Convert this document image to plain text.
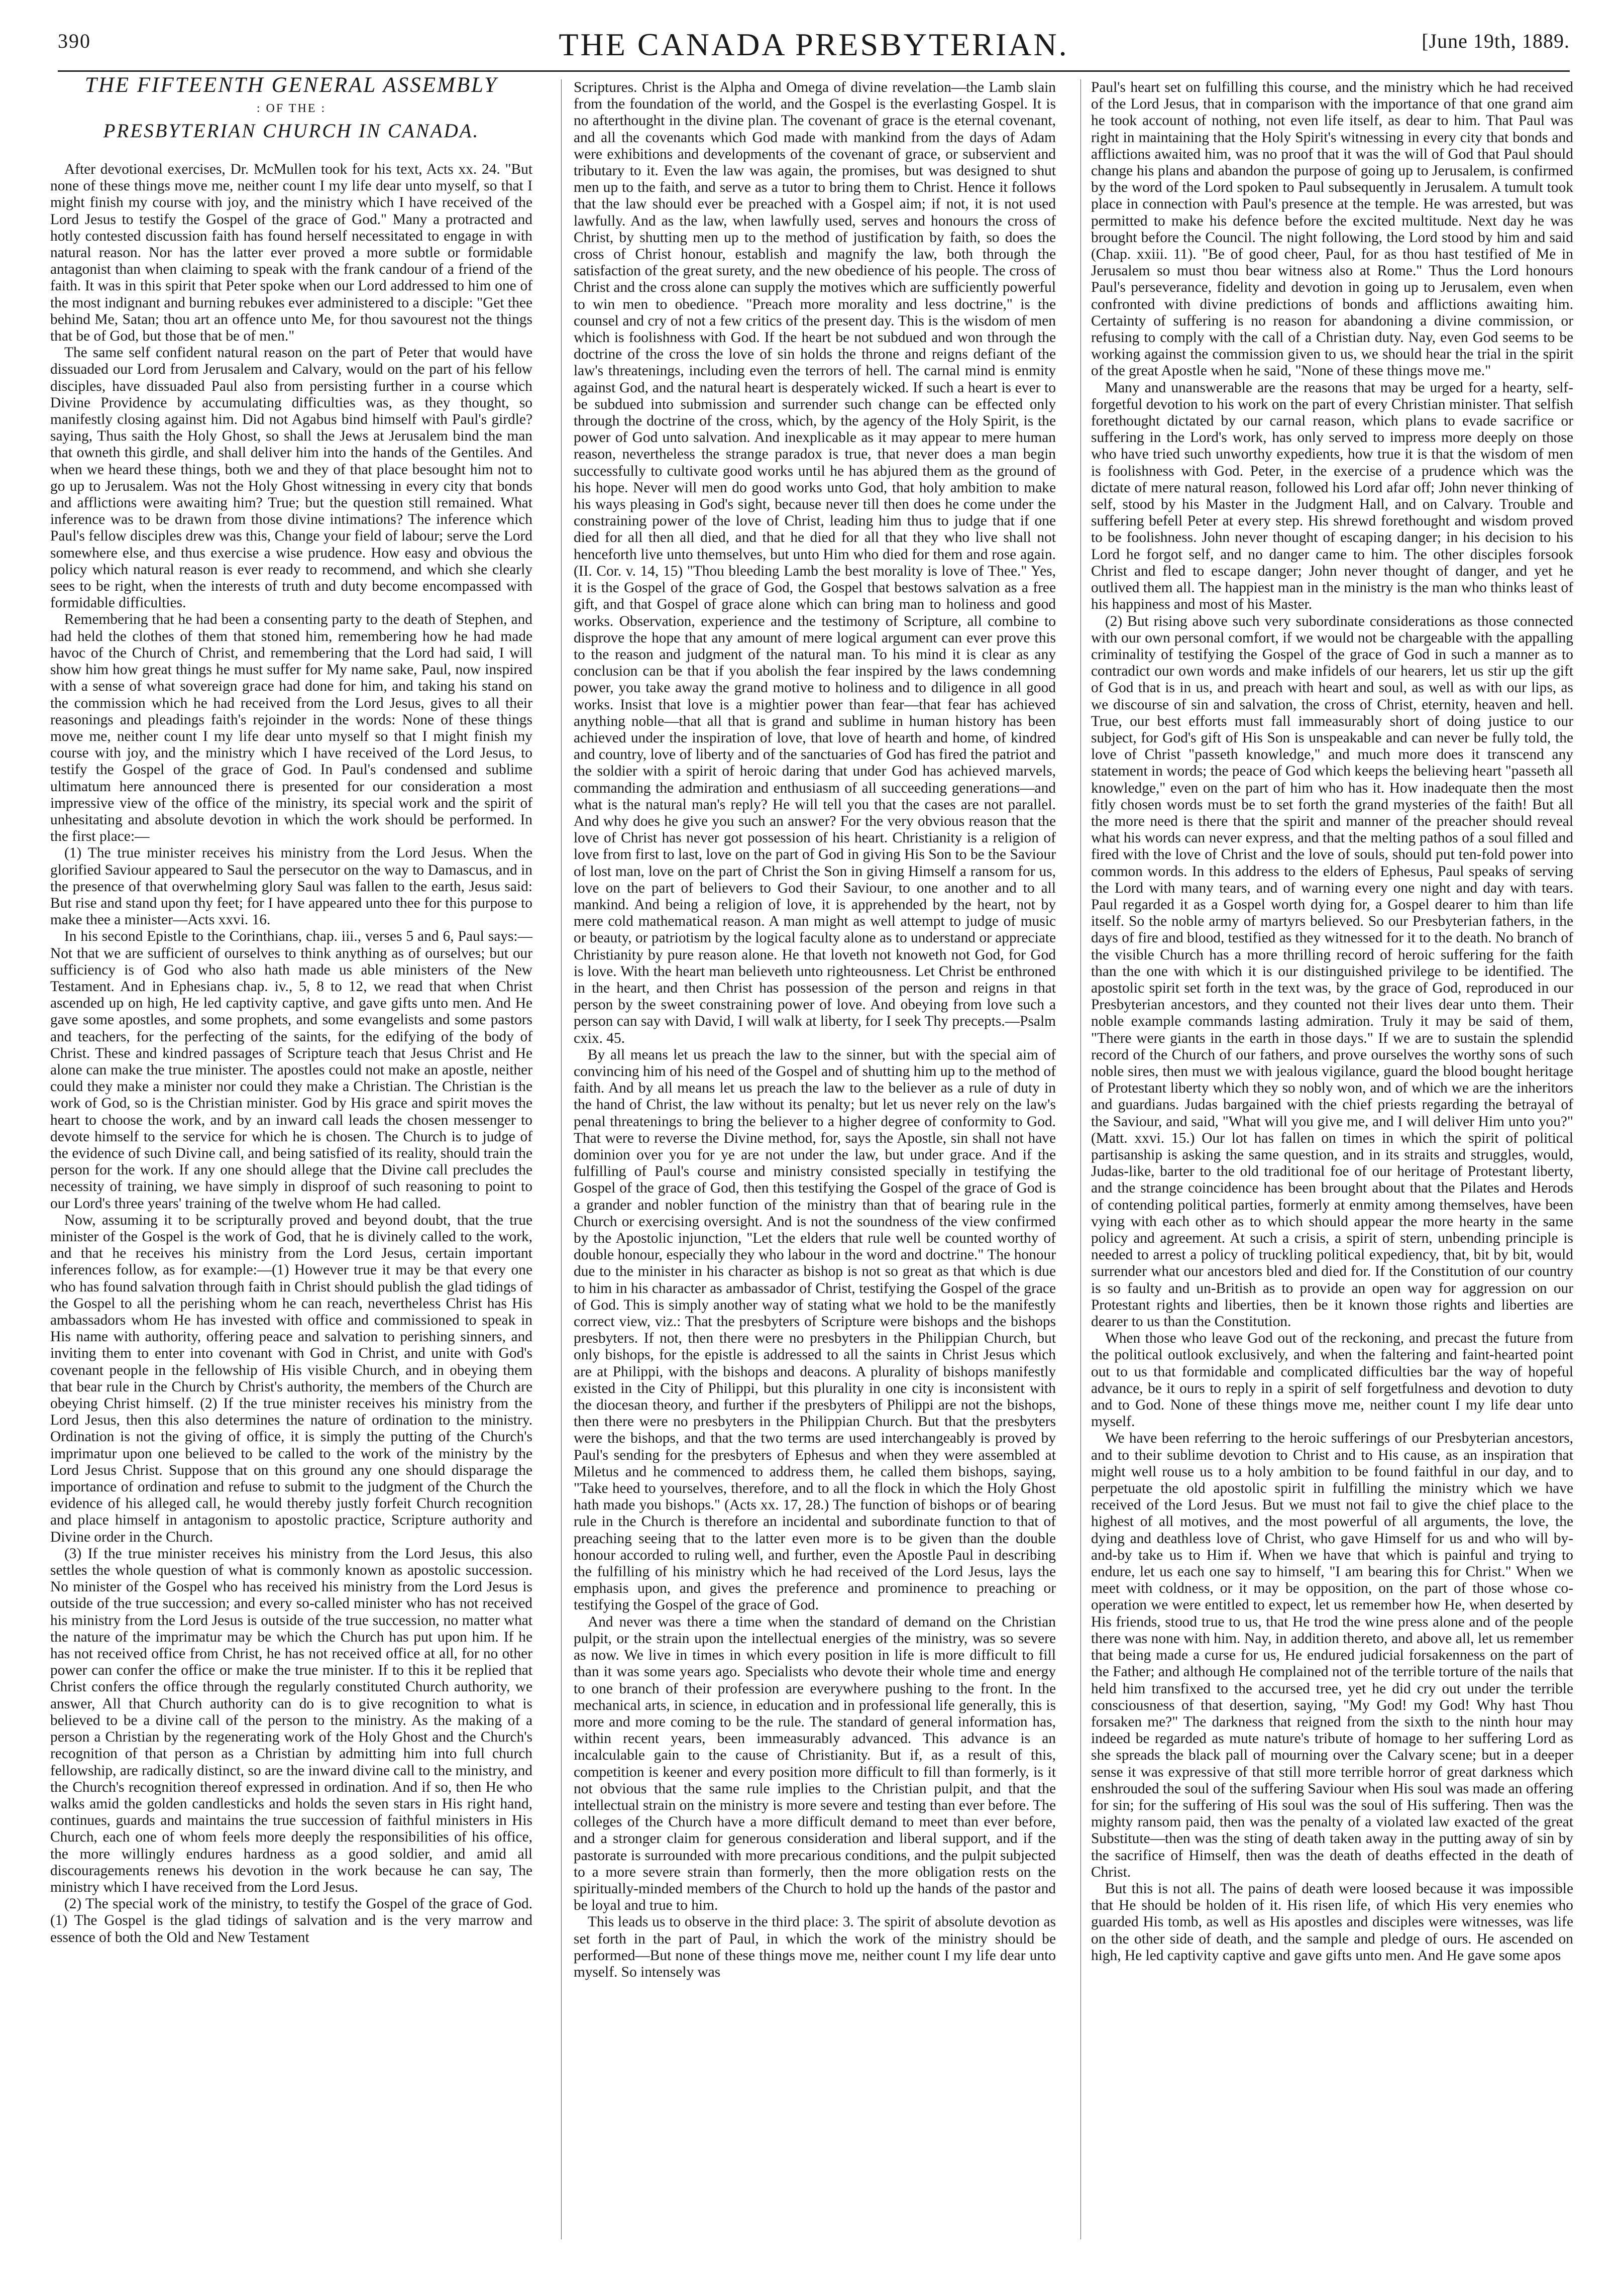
390	THE CANADA PRESBYTERIAN.	[June 19th, 1889.
THE FIFTEENTH GENERAL ASSEMBLY
: OF THE :
PRESBYTERIAN CHURCH IN CANADA.

After devotional exercises, Dr. McMullen took for his text, Acts xx. 24. "But none of these things move me, neither count I my life dear unto myself, so that I might finish my course with joy, and the ministry which I have received of the Lord Jesus to testify the Gospel of the grace of God." Many a protracted and hotly contested discussion faith has found herself necessitated to engage in with natural reason. Nor has the latter ever proved a more subtle or formidable antagonist than when claiming to speak with the frank candour of a friend of the faith. It was in this spirit that Peter spoke when our Lord addressed to him one of the most indignant and burning rebukes ever administered to a disciple: "Get thee behind Me, Satan; thou art an offence unto Me, for thou savourest not the things that be of God, but those that be of men."

The same self confident natural reason on the part of Peter that would have dissuaded our Lord from Jerusalem and Calvary, would on the part of his fellow disciples, have dissuaded Paul also from persisting further in a course which Divine Providence by accumulating difficulties was, as they thought, so manifestly closing against him. Did not Agabus bind himself with Paul's girdle? saying, Thus saith the Holy Ghost, so shall the Jews at Jerusalem bind the man that owneth this girdle, and shall deliver him into the hands of the Gentiles. And when we heard these things, both we and they of that place besought him not to go up to Jerusalem. Was not the Holy Ghost witnessing in every city that bonds and afflictions were awaiting him? True; but the question still remained. What inference was to be drawn from those divine intimations? The inference which Paul's fellow disciples drew was this, Change your field of labour; serve the Lord somewhere else, and thus exercise a wise prudence. How easy and obvious the policy which natural reason is ever ready to recommend, and which she clearly sees to be right, when the interests of truth and duty become encompassed with formidable difficulties.

Remembering that he had been a consenting party to the death of Stephen, and had held the clothes of them that stoned him, remembering how he had made havoc of the Church of Christ, and remembering that the Lord had said, I will show him how great things he must suffer for My name sake, Paul, now inspired with a sense of what sovereign grace had done for him, and taking his stand on the commission which he had received from the Lord Jesus, gives to all their reasonings and pleadings faith's rejoinder in the words: None of these things move me, neither count I my life dear unto myself so that I might finish my course with joy, and the ministry which I have received of the Lord Jesus, to testify the Gospel of the grace of God. In Paul's condensed and sublime ultimatum here announced there is presented for our consideration a most impressive view of the office of the ministry, its special work and the spirit of unhesitating and absolute devotion in which the work should be performed. In the first place:—

(1) The true minister receives his ministry from the Lord Jesus. When the glorified Saviour appeared to Saul the persecutor on the way to Damascus, and in the presence of that overwhelming glory Saul was fallen to the earth, Jesus said: But rise and stand upon thy feet; for I have appeared unto thee for this purpose to make thee a minister—Acts xxvi. 16.

In his second Epistle to the Corinthians, chap. iii., verses 5 and 6, Paul says:—Not that we are sufficient of ourselves to think anything as of ourselves; but our sufficiency is of God who also hath made us able ministers of the New Testament. And in Ephesians chap. iv., 5, 8 to 12, we read that when Christ ascended up on high, He led captivity captive, and gave gifts unto men. And He gave some apostles, and some prophets, and some evangelists and some pastors and teachers, for the perfecting of the saints, for the edifying of the body of Christ. These and kindred passages of Scripture teach that Jesus Christ and He alone can make the true minister. The apostles could not make an apostle, neither could they make a minister nor could they make a Christian. The Christian is the work of God, so is the Christian minister. God by His grace and spirit moves the heart to choose the work, and by an inward call leads the chosen messenger to devote himself to the service for which he is chosen. The Church is to judge of the evidence of such Divine call, and being satisfied of its reality, should train the person for the work. If any one should allege that the Divine call precludes the necessity of training, we have simply in disproof of such reasoning to point to our Lord's three years' training of the twelve whom He had called.

Now, assuming it to be scripturally proved and beyond doubt, that the true minister of the Gospel is the work of God, that he is divinely called to the work, and that he receives his ministry from the Lord Jesus, certain important inferences follow, as for example:—(1) However true it may be that every one who has found salvation through faith in Christ should publish the glad tidings of the Gospel to all the perishing whom he can reach, nevertheless Christ has His ambassadors whom He has invested with office and commissioned to speak in His name with authority, offering peace and salvation to perishing sinners, and inviting them to enter into covenant with God in Christ, and unite with God's covenant people in the fellowship of His visible Church, and in obeying them that bear rule in the Church by Christ's authority, the members of the Church are obeying Christ himself. (2) If the true minister receives his ministry from the Lord Jesus, then this also determines the nature of ordination to the ministry. Ordination is not the giving of office, it is simply the putting of the Church's imprimatur upon one believed to be called to the work of the ministry by the Lord Jesus Christ. Suppose that on this ground any one should disparage the importance of ordination and refuse to submit to the judgment of the Church the evidence of his alleged call, he would thereby justly forfeit Church recognition and place himself in antagonism to apostolic practice, Scripture authority and Divine order in the Church.

(3) If the true minister receives his ministry from the Lord Jesus, this also settles the whole question of what is commonly known as apostolic succession. No minister of the Gospel who has received his ministry from the Lord Jesus is outside of the true succession; and every so-called minister who has not received his ministry from the Lord Jesus is outside of the true succession, no matter what the nature of the imprimatur may be which the Church has put upon him. If he has not received office from Christ, he has not received office at all, for no other power can confer the office or make the true minister. If to this it be replied that Christ confers the office through the regularly constituted Church authority, we answer, All that Church authority can do is to give recognition to what is believed to be a divine call of the person to the ministry. As the making of a person a Christian by the regenerating work of the Holy Ghost and the Church's recognition of that person as a Christian by admitting him into full church fellowship, are radically distinct, so are the inward divine call to the ministry, and the Church's recognition thereof expressed in ordination. And if so, then He who walks amid the golden candlesticks and holds the seven stars in His right hand, continues, guards and maintains the true succession of faithful ministers in His Church, each one of whom feels more deeply the responsibilities of his office, the more willingly endures hardness as a good soldier, and amid all discouragements renews his devotion in the work because he can say, The ministry which I have received from the Lord Jesus.

(2) The special work of the ministry, to testify the Gospel of the grace of God. (1) The Gospel is the glad tidings of salvation and is the very marrow and essence of both the Old and New Testament

Scriptures. Christ is the Alpha and Omega of divine revelation—the Lamb slain from the foundation of the world, and the Gospel is the everlasting Gospel. It is no afterthought in the divine plan. The covenant of grace is the eternal covenant, and all the covenants which God made with mankind from the days of Adam were exhibitions and developments of the covenant of grace, or subservient and tributary to it. Even the law was again, the promises, but was designed to shut men up to the faith, and serve as a tutor to bring them to Christ. Hence it follows that the law should ever be preached with a Gospel aim; if not, it is not used lawfully. And as the law, when lawfully used, serves and honours the cross of Christ, by shutting men up to the method of justification by faith, so does the cross of Christ honour, establish and magnify the law, both through the satisfaction of the great surety, and the new obedience of his people. The cross of Christ and the cross alone can supply the motives which are sufficiently powerful to win men to obedience. "Preach more morality and less doctrine," is the counsel and cry of not a few critics of the present day. This is the wisdom of men which is foolishness with God. If the heart be not subdued and won through the doctrine of the cross the love of sin holds the throne and reigns defiant of the law's threatenings, including even the terrors of hell. The carnal mind is enmity against God, and the natural heart is desperately wicked. If such a heart is ever to be subdued into submission and surrender such change can be effected only through the doctrine of the cross, which, by the agency of the Holy Spirit, is the power of God unto salvation. And inexplicable as it may appear to mere human reason, nevertheless the strange paradox is true, that never does a man begin successfully to cultivate good works until he has abjured them as the ground of his hope. Never will men do good works unto God, that holy ambition to make his ways pleasing in God's sight, because never till then does he come under the constraining power of the love of Christ, leading him thus to judge that if one died for all then all died, and that he died for all that they who live shall not henceforth live unto themselves, but unto Him who died for them and rose again. (II. Cor. v. 14, 15) "Thou bleeding Lamb the best morality is love of Thee." Yes, it is the Gospel of the grace of God, the Gospel that bestows salvation as a free gift, and that Gospel of grace alone which can bring man to holiness and good works. Observation, experience and the testimony of Scripture, all combine to disprove the hope that any amount of mere logical argument can ever prove this to the reason and judgment of the natural man. To his mind it is clear as any conclusion can be that if you abolish the fear inspired by the laws condemning power, you take away the grand motive to holiness and to diligence in all good works. Insist that love is a mightier power than fear—that fear has achieved anything noble—that all that is grand and sublime in human history has been achieved under the inspiration of love, that love of hearth and home, of kindred and country, love of liberty and of the sanctuaries of God has fired the patriot and the soldier with a spirit of heroic daring that under God has achieved marvels, commanding the admiration and enthusiasm of all succeeding generations—and what is the natural man's reply? He will tell you that the cases are not parallel. And why does he give you such an answer? For the very obvious reason that the love of Christ has never got possession of his heart. Christianity is a religion of love from first to last, love on the part of God in giving His Son to be the Saviour of lost man, love on the part of Christ the Son in giving Himself a ransom for us, love on the part of believers to God their Saviour, to one another and to all mankind. And being a religion of love, it is apprehended by the heart, not by mere cold mathematical reason. A man might as well attempt to judge of music or beauty, or patriotism by the logical faculty alone as to understand or appreciate Christianity by pure reason alone. He that loveth not knoweth not God, for God is love. With the heart man believeth unto righteousness. Let Christ be enthroned in the heart, and then Christ has possession of the person and reigns in that person by the sweet constraining power of love. And obeying from love such a person can say with David, I will walk at liberty, for I seek Thy precepts.—Psalm cxix. 45.

By all means let us preach the law to the sinner, but with the special aim of convincing him of his need of the Gospel and of shutting him up to the method of faith. And by all means let us preach the law to the believer as a rule of duty in the hand of Christ, the law without its penalty; but let us never rely on the law's penal threatenings to bring the believer to a higher degree of conformity to God. That were to reverse the Divine method, for, says the Apostle, sin shall not have dominion over you for ye are not under the law, but under grace. And if the fulfilling of Paul's course and ministry consisted specially in testifying the Gospel of the grace of God, then this testifying the Gospel of the grace of God is a grander and nobler function of the ministry than that of bearing rule in the Church or exercising oversight. And is not the soundness of the view confirmed by the Apostolic injunction, "Let the elders that rule well be counted worthy of double honour, especially they who labour in the word and doctrine." The honour due to the minister in his character as bishop is not so great as that which is due to him in his character as ambassador of Christ, testifying the Gospel of the grace of God. This is simply another way of stating what we hold to be the manifestly correct view, viz.: That the presbyters of Scripture were bishops and the bishops presbyters. If not, then there were no presbyters in the Philippian Church, but only bishops, for the epistle is addressed to all the saints in Christ Jesus which are at Philippi, with the bishops and deacons. A plurality of bishops manifestly existed in the City of Philippi, but this plurality in one city is inconsistent with the diocesan theory, and further if the presbyters of Philippi are not the bishops, then there were no presbyters in the Philippian Church. But that the presbyters were the bishops, and that the two terms are used interchangeably is proved by Paul's sending for the presbyters of Ephesus and when they were assembled at Miletus and he commenced to address them, he called them bishops, saying, "Take heed to yourselves, therefore, and to all the flock in which the Holy Ghost hath made you bishops." (Acts xx. 17, 28.) The function of bishops or of bearing rule in the Church is therefore an incidental and subordinate function to that of preaching seeing that to the latter even more is to be given than the double honour accorded to ruling well, and further, even the Apostle Paul in describing the fulfilling of his ministry which he had received of the Lord Jesus, lays the emphasis upon, and gives the preference and prominence to preaching or testifying the Gospel of the grace of God.

And never was there a time when the standard of demand on the Christian pulpit, or the strain upon the intellectual energies of the ministry, was so severe as now. We live in times in which every position in life is more difficult to fill than it was some years ago. Specialists who devote their whole time and energy to one branch of their profession are everywhere pushing to the front. In the mechanical arts, in science, in education and in professional life generally, this is more and more coming to be the rule. The standard of general information has, within recent years, been immeasurably advanced. This advance is an incalculable gain to the cause of Christianity. But if, as a result of this, competition is keener and every position more difficult to fill than formerly, is it not obvious that the same rule implies to the Christian pulpit, and that the intellectual strain on the ministry is more severe and testing than ever before. The colleges of the Church have a more difficult demand to meet than ever before, and a stronger claim for generous consideration and liberal support, and if the pastorate is surrounded with more precarious conditions, and the pulpit subjected to a more severe strain than formerly, then the more obligation rests on the spiritually-minded members of the Church to hold up the hands of the pastor and be loyal and true to him.

This leads us to observe in the third place: 3. The spirit of absolute devotion as set forth in the part of Paul, in which the work of the ministry should be performed—But none of these things move me, neither count I my life dear unto myself. So intensely was

Paul's heart set on fulfilling this course, and the ministry which he had received of the Lord Jesus, that in comparison with the importance of that one grand aim he took account of nothing, not even life itself, as dear to him. That Paul was right in maintaining that the Holy Spirit's witnessing in every city that bonds and afflictions awaited him, was no proof that it was the will of God that Paul should change his plans and abandon the purpose of going up to Jerusalem, is confirmed by the word of the Lord spoken to Paul subsequently in Jerusalem. A tumult took place in connection with Paul's presence at the temple. He was arrested, but was permitted to make his defence before the excited multitude. Next day he was brought before the Council. The night following, the Lord stood by him and said (Chap. xxiii. 11). "Be of good cheer, Paul, for as thou hast testified of Me in Jerusalem so must thou bear witness also at Rome." Thus the Lord honours Paul's perseverance, fidelity and devotion in going up to Jerusalem, even when confronted with divine predictions of bonds and afflictions awaiting him. Certainty of suffering is no reason for abandoning a divine commission, or refusing to comply with the call of a Christian duty. Nay, even God seems to be working against the commission given to us, we should hear the trial in the spirit of the great Apostle when he said, "None of these things move me."

Many and unanswerable are the reasons that may be urged for a hearty, self-forgetful devotion to his work on the part of every Christian minister. That selfish forethought dictated by our carnal reason, which plans to evade sacrifice or suffering in the Lord's work, has only served to impress more deeply on those who have tried such unworthy expedients, how true it is that the wisdom of men is foolishness with God. Peter, in the exercise of a prudence which was the dictate of mere natural reason, followed his Lord afar off; John never thinking of self, stood by his Master in the Judgment Hall, and on Calvary. Trouble and suffering befell Peter at every step. His shrewd forethought and wisdom proved to be foolishness. John never thought of escaping danger; in his decision to his Lord he forgot self, and no danger came to him. The other disciples forsook Christ and fled to escape danger; John never thought of danger, and yet he outlived them all. The happiest man in the ministry is the man who thinks least of his happiness and most of his Master.

(2) But rising above such very subordinate considerations as those connected with our own personal comfort, if we would not be chargeable with the appalling criminality of testifying the Gospel of the grace of God in such a manner as to contradict our own words and make infidels of our hearers, let us stir up the gift of God that is in us, and preach with heart and soul, as well as with our lips, as we discourse of sin and salvation, the cross of Christ, eternity, heaven and hell. True, our best efforts must fall immeasurably short of doing justice to our subject, for God's gift of His Son is unspeakable and can never be fully told, the love of Christ "passeth knowledge," and much more does it transcend any statement in words; the peace of God which keeps the believing heart "passeth all knowledge," even on the part of him who has it. How inadequate then the most fitly chosen words must be to set forth the grand mysteries of the faith! But all the more need is there that the spirit and manner of the preacher should reveal what his words can never express, and that the melting pathos of a soul filled and fired with the love of Christ and the love of souls, should put ten-fold power into common words. In this address to the elders of Ephesus, Paul speaks of serving the Lord with many tears, and of warning every one night and day with tears. Paul regarded it as a Gospel worth dying for, a Gospel dearer to him than life itself. So the noble army of martyrs believed. So our Presbyterian fathers, in the days of fire and blood, testified as they witnessed for it to the death. No branch of the visible Church has a more thrilling record of heroic suffering for the faith than the one with which it is our distinguished privilege to be identified. The apostolic spirit set forth in the text was, by the grace of God, reproduced in our Presbyterian ancestors, and they counted not their lives dear unto them. Their noble example commands lasting admiration. Truly it may be said of them, "There were giants in the earth in those days." If we are to sustain the splendid record of the Church of our fathers, and prove ourselves the worthy sons of such noble sires, then must we with jealous vigilance, guard the blood bought heritage of Protestant liberty which they so nobly won, and of which we are the inheritors and guardians. Judas bargained with the chief priests regarding the betrayal of the Saviour, and said, "What will you give me, and I will deliver Him unto you?" (Matt. xxvi. 15.) Our lot has fallen on times in which the spirit of political partisanship is asking the same question, and in its straits and struggles, would, Judas-like, barter to the old traditional foe of our heritage of Protestant liberty, and the strange coincidence has been brought about that the Pilates and Herods of contending political parties, formerly at enmity among themselves, have been vying with each other as to which should appear the more hearty in the same policy and agreement. At such a crisis, a spirit of stern, unbending principle is needed to arrest a policy of truckling political expediency, that, bit by bit, would surrender what our ancestors bled and died for. If the Constitution of our country is so faulty and un-British as to provide an open way for aggression on our Protestant rights and liberties, then be it known those rights and liberties are dearer to us than the Constitution.

When those who leave God out of the reckoning, and precast the future from the political outlook exclusively, and when the faltering and faint-hearted point out to us that formidable and complicated difficulties bar the way of hopeful advance, be it ours to reply in a spirit of self forgetfulness and devotion to duty and to God. None of these things move me, neither count I my life dear unto myself.

We have been referring to the heroic sufferings of our Presbyterian ancestors, and to their sublime devotion to Christ and to His cause, as an inspiration that might well rouse us to a holy ambition to be found faithful in our day, and to perpetuate the old apostolic spirit in fulfilling the ministry which we have received of the Lord Jesus. But we must not fail to give the chief place to the highest of all motives, and the most powerful of all arguments, the love, the dying and deathless love of Christ, who gave Himself for us and who will by-and-by take us to Him if. When we have that which is painful and trying to endure, let us each one say to himself, "I am bearing this for Christ." When we meet with coldness, or it may be opposition, on the part of those whose co-operation we were entitled to expect, let us remember how He, when deserted by His friends, stood true to us, that He trod the wine press alone and of the people there was none with him. Nay, in addition thereto, and above all, let us remember that being made a curse for us, He endured judicial forsakenness on the part of the Father; and although He complained not of the terrible torture of the nails that held him transfixed to the accursed tree, yet he did cry out under the terrible consciousness of that desertion, saying, "My God! my God! Why hast Thou forsaken me?" The darkness that reigned from the sixth to the ninth hour may indeed be regarded as mute nature's tribute of homage to her suffering Lord as she spreads the black pall of mourning over the Calvary scene; but in a deeper sense it was expressive of that still more terrible horror of great darkness which enshrouded the soul of the suffering Saviour when His soul was made an offering for sin; for the suffering of His soul was the soul of His suffering. Then was the mighty ransom paid, then was the penalty of a violated law exacted of the great Substitute—then was the sting of death taken away in the putting away of sin by the sacrifice of Himself, then was the death of deaths effected in the death of Christ.

But this is not all. The pains of death were loosed because it was impossible that He should be holden of it. His risen life, of which His very enemies who guarded His tomb, as well as His apostles and disciples were witnesses, was life on the other side of death, and the sample and pledge of ours. He ascended on high, He led captivity captive and gave gifts unto men. And He gave some apos
